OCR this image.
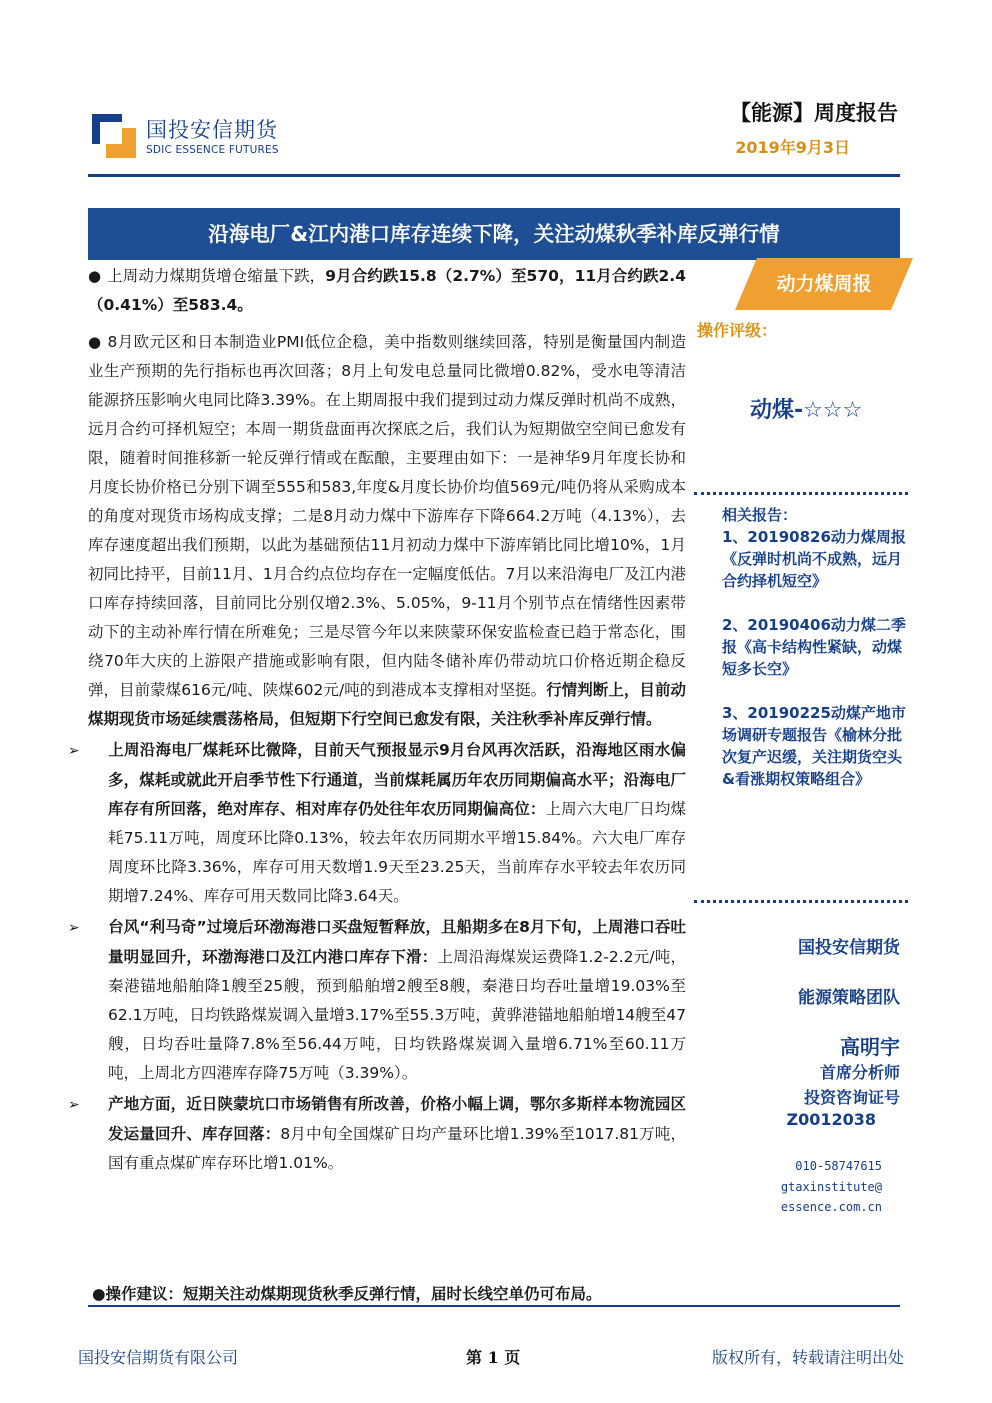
国投安信期货
SDIC ESSENCE FUTURES
【能源】周度报告
2019年9月3日
沿海电厂&江内港口库存连续下降，关注动煤秋季补库反弹行情
动力煤周报

● 上周动力煤期货增仓缩量下跌，9月合约跌15.8（2.7%）至570，11月合约跌2.4（0.41%）至583.4。

● 8月欧元区和日本制造业PMI低位企稳，美中指数则继续回落，特别是衡量国内制造业生产预期的先行指标也再次回落；8月上旬发电总量同比微增0.82%，受水电等清洁能源挤压影响火电同比降3.39%。在上期周报中我们提到过动力煤反弹时机尚不成熟，远月合约可择机短空；本周一期货盘面再次探底之后，我们认为短期做空空间已愈发有限，随着时间推移新一轮反弹行情或在酝酿，主要理由如下：一是神华9月年度长协和月度长协价格已分别下调至555和583,年度&月度长协价均值569元/吨仍将从采购成本的角度对现货市场构成支撑；二是8月动力煤中下游库存下降664.2万吨（4.13%），去库存速度超出我们预期，以此为基础预估11月初动力煤中下游库销比同比增10%，1月初同比持平，目前11月、1月合约点位均存在一定幅度低估。7月以来沿海电厂及江内港口库存持续回落，目前同比分别仅增2.3%、5.05%，9-11月个别节点在情绪性因素带动下的主动补库行情在所难免；三是尽管今年以来陕蒙环保安监检查已趋于常态化，围绕70年大庆的上游限产措施或影响有限，但内陆冬储补库仍带动坑口价格近期企稳反弹，目前蒙煤616元/吨、陕煤602元/吨的到港成本支撑相对坚挺。行情判断上，目前动煤期现货市场延续震荡格局，但短期下行空间已愈发有限，关注秋季补库反弹行情。

➢ 上周沿海电厂煤耗环比微降，目前天气预报显示9月台风再次活跃，沿海地区雨水偏多，煤耗或就此开启季节性下行通道，当前煤耗属历年农历同期偏高水平；沿海电厂库存有所回落，绝对库存、相对库存仍处往年农历同期偏高位：上周六大电厂日均煤耗75.11万吨，周度环比降0.13%，较去年农历同期水平增15.84%。六大电厂库存周度环比降3.36%，库存可用天数增1.9天至23.25天，当前库存水平较去年农历同期增7.24%、库存可用天数同比降3.64天。

➢ 台风“利马奇”过境后环渤海港口买盘短暂释放，且船期多在8月下旬，上周港口吞吐量明显回升，环渤海港口及江内港口库存下滑：上周沿海煤炭运费降1.2-2.2元/吨，秦港锚地船舶降1艘至25艘，预到船舶增2艘至8艘，秦港日均吞吐量增19.03%至62.1万吨，日均铁路煤炭调入量增3.17%至55.3万吨，黄骅港锚地船舶增14艘至47艘，日均吞吐量降7.8%至56.44万吨，日均铁路煤炭调入量增6.71%至60.11万吨，上周北方四港库存降75万吨（3.39%）。

➢ 产地方面，近日陕蒙坑口市场销售有所改善，价格小幅上调，鄂尔多斯样本物流园区发运量回升、库存回落：8月中旬全国煤矿日均产量环比增1.39%至1017.81万吨，国有重点煤矿库存环比增1.01%。

●操作建议：短期关注动煤期现货秋季反弹行情，届时长线空单仍可布局。
操作评级：
动煤-☆☆☆

相关报告：

1、20190826动力煤周报《反弹时机尚不成熟，远月合约择机短空》

2、20190406动力煤二季报《高卡结构性紧缺，动煤短多长空》

3、20190225动煤产地市场调研专题报告《榆林分批次复产迟缓，关注期货空头&看涨期权策略组合》

国投安信期货
能源策略团队
高明宇
首席分析师
投资咨询证号
Z0012038
010-58747615
gtaxinstitute@
essence.com.cn
国投安信期货有限公司	第 1 页	版权所有，转载请注明出处
